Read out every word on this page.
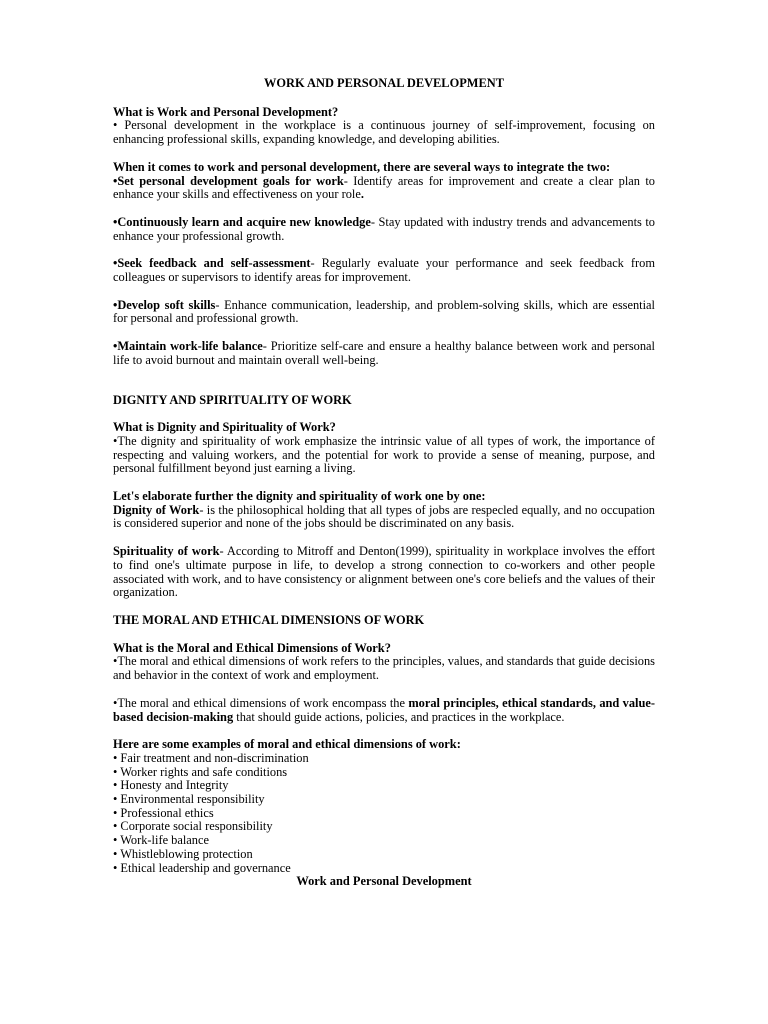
WORK AND PERSONAL DEVELOPMENT
What is Work and Personal Development?
• Personal development in the workplace is a continuous journey of self-improvement, focusing on enhancing professional skills, expanding knowledge, and developing abilities.
When it comes to work and personal development, there are several ways to integrate the two:
•Set personal development goals for work- Identify areas for improvement and create a clear plan to enhance your skills and effectiveness on your role.
•Continuously learn and acquire new knowledge- Stay updated with industry trends and advancements to enhance your professional growth.
•Seek feedback and self-assessment- Regularly evaluate your performance and seek feedback from colleagues or supervisors to identify areas for improvement.
•Develop soft skills- Enhance communication, leadership, and problem-solving skills, which are essential for personal and professional growth.
•Maintain work-life balance- Prioritize self-care and ensure a healthy balance between work and personal life to avoid burnout and maintain overall well-being.
DIGNITY AND SPIRITUALITY OF WORK
What is Dignity and Spirituality of Work?
•The dignity and spirituality of work emphasize the intrinsic value of all types of work, the importance of respecting and valuing workers, and the potential for work to provide a sense of meaning, purpose, and personal fulfillment beyond just earning a living.
Let's elaborate further the dignity and spirituality of work one by one:
Dignity of Work- is the philosophical holding that all types of jobs are respecled equally, and no occupation is considered superior and none of the jobs should be discriminated on any basis.
Spirituality of work- According to Mitroff and Denton(1999), spirituality in workplace involves the effort to find one's ultimate purpose in life, to develop a strong connection to co-workers and other people associated with work, and to have consistency or alignment between one's core beliefs and the values of their organization.
THE MORAL AND ETHICAL DIMENSIONS OF WORK
What is the Moral and Ethical Dimensions of Work?
•The moral and ethical dimensions of work refers to the principles, values, and standards that guide decisions and behavior in the context of work and employment.
•The moral and ethical dimensions of work encompass the moral principles, ethical standards, and value-based decision-making that should guide actions, policies, and practices in the workplace.
Here are some examples of moral and ethical dimensions of work:
• Fair treatment and non-discrimination
• Worker rights and safe conditions
• Honesty and Integrity
• Environmental responsibility
• Professional ethics
• Corporate social responsibility
• Work-life balance
• Whistleblowing protection
• Ethical leadership and governance
Work and Personal Development
